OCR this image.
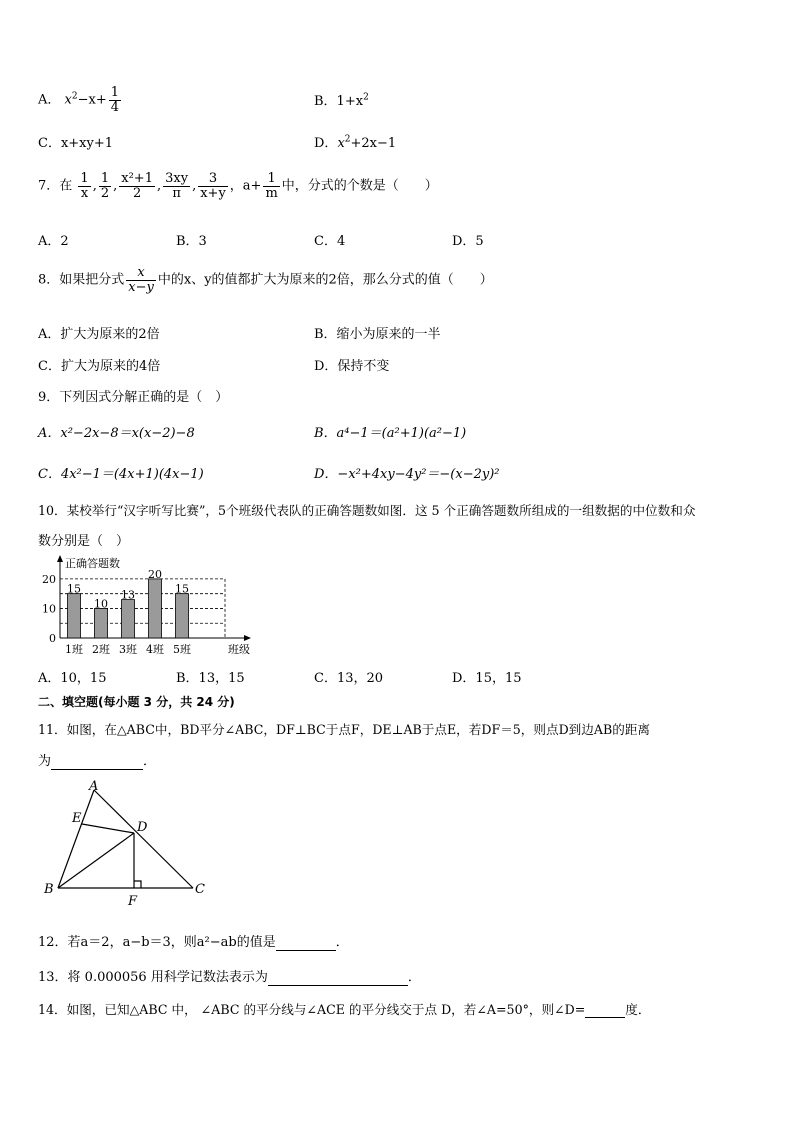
A． $x^2-x+ \frac{1}{4}$	B．$1+x^2$
C．x+xy+1	D．$x^2+2x-1$
7．在 $\frac{1}{x}$ , $\frac{1}{2}$ , $\frac{\text{x²+1}}{2}$ , $\frac{3xy}{\pi}$ , $\frac{3}{x+y}$ ，$a+ \frac{1}{m}$ 中，分式的个数是（　　）
A．2	B．3	C．4	D．5
8．如果把分式 $\frac{x}{x-y}$ 中的x、y的值都扩大为原来的2倍，那么分式的值（　　）
A．扩大为原来的2倍	B．缩小为原来的一半
C．扩大为原来的4倍	D．保持不变
9．下列因式分解正确的是（　）
A．x²−2x−8＝x(x−2)−8	B．a⁴−1＝(a²+1)(a²−1)
C．4x²−1＝(4x+1)(4x−1)	D．−x²+4xy−4y²＝−(x−2y)²
10．某校举行“汉字听写比赛”，5个班级代表队的正确答题数如图．这 5 个正确答题数所组成的一组数据的中位数和众
数分别是（　）
正确答题数
0
10
20
15
1班
10
2班
13
3班
20
4班
15
5班	班级
A．10，15	B．13，15	C．13，20	D．15，15
二、填空题(每小题 3 分，共 24 分)
11．如图，在△ABC中，BD平分∠ABC，DF⊥BC于点F，DE⊥AB于点E，若DF＝5，则点D到边AB的距离
为	．
A
B	C
D
E
F
12．若a＝2，a−b＝3，则a²−ab的值是	．
13．将 0.000056 用科学记数法表示为	．
14．如图，已知△ABC 中， ∠ABC 的平分线与∠ACE 的平分线交于点 D，若∠A=50°，则∠D=	度．
